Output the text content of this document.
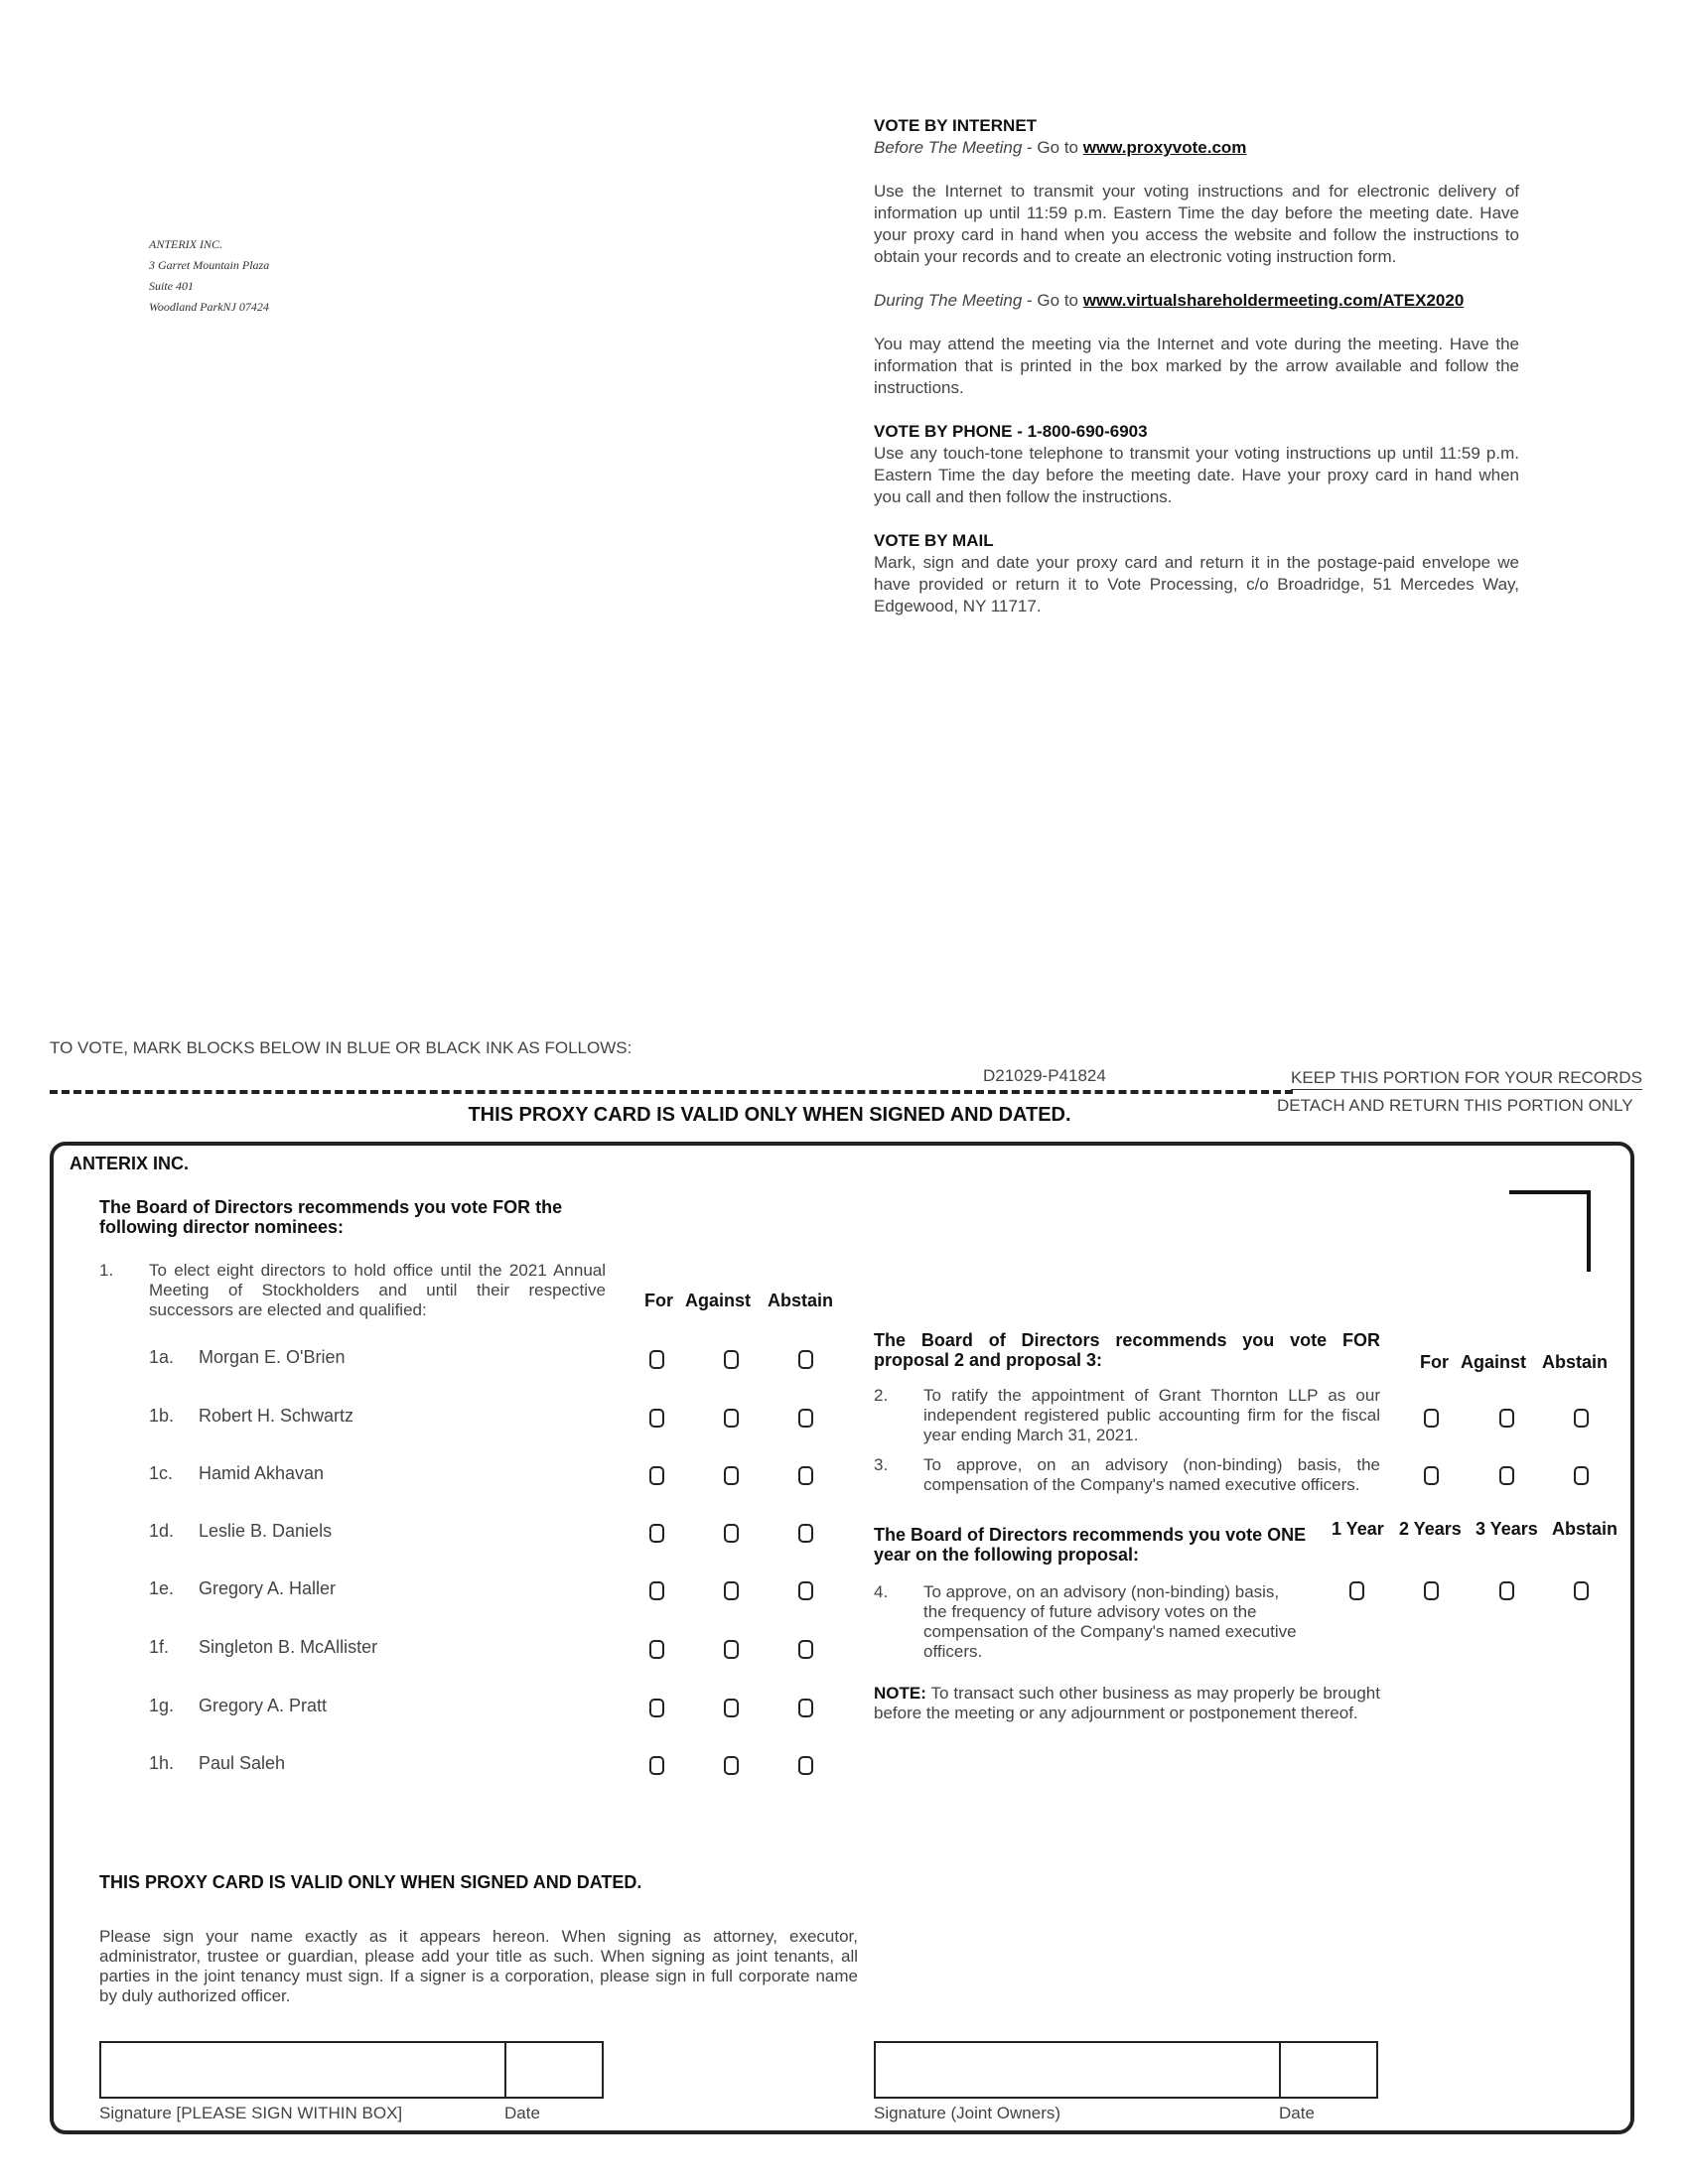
ANTERIX INC.
3 Garret Mountain Plaza
Suite 401
Woodland ParkNJ 07424
VOTE BY INTERNET

Before The Meeting - Go to www.proxyvote.com

Use the Internet to transmit your voting instructions and for electronic delivery of information up until 11:59 p.m. Eastern Time the day before the meeting date. Have your proxy card in hand when you access the website and follow the instructions to obtain your records and to create an electronic voting instruction form.

During The Meeting - Go to www.virtualshareholdermeeting.com/ATEX2020

You may attend the meeting via the Internet and vote during the meeting. Have the information that is printed in the box marked by the arrow available and follow the instructions.

VOTE BY PHONE - 1-800-690-6903

Use any touch-tone telephone to transmit your voting instructions up until 11:59 p.m. Eastern Time the day before the meeting date. Have your proxy card in hand when you call and then follow the instructions.

VOTE BY MAIL

Mark, sign and date your proxy card and return it in the postage-paid envelope we have provided or return it to Vote Processing, c/o Broadridge, 51 Mercedes Way, Edgewood, NY 11717.

TO VOTE, MARK BLOCKS BELOW IN BLUE OR BLACK INK AS FOLLOWS:
D21029-P41824	KEEP THIS PORTION FOR YOUR RECORDS
DETACH AND RETURN THIS PORTION ONLY
THIS PROXY CARD IS VALID ONLY WHEN SIGNED AND DATED.
ANTERIX INC.
The Board of Directors recommends you vote FOR the following director nominees:
1. To elect eight directors to hold office until the 2021 Annual Meeting of Stockholders and until their respective successors are elected and qualified:	For Against Abstain
1a. Morgan E. O'Brien
1b. Robert H. Schwartz
1c. Hamid Akhavan
1d. Leslie B. Daniels
1e. Gregory A. Haller
1f. Singleton B. McAllister
1g. Gregory A. Pratt
1h. Paul Saleh
The Board of Directors recommends you vote FOR proposal 2 and proposal 3:	For Against Abstain
2. To ratify the appointment of Grant Thornton LLP as our independent registered public accounting firm for the fiscal year ending March 31, 2021.
3. To approve, on an advisory (non-binding) basis, the compensation of the Company's named executive officers.
The Board of Directors recommends you vote ONE year on the following proposal:
1 Year 2 Years 3 Years Abstain
4. To approve, on an advisory (non-binding) basis, the frequency of future advisory votes on the compensation of the Company's named executive officers.
NOTE: To transact such other business as may properly be brought before the meeting or any adjournment or postponement thereof.
THIS PROXY CARD IS VALID ONLY WHEN SIGNED AND DATED.
Please sign your name exactly as it appears hereon. When signing as attorney, executor, administrator, trustee or guardian, please add your title as such. When signing as joint tenants, all parties in the joint tenancy must sign. If a signer is a corporation, please sign in full corporate name by duly authorized officer.
Signature [PLEASE SIGN WITHIN BOX]	Date	Signature (Joint Owners)	Date
